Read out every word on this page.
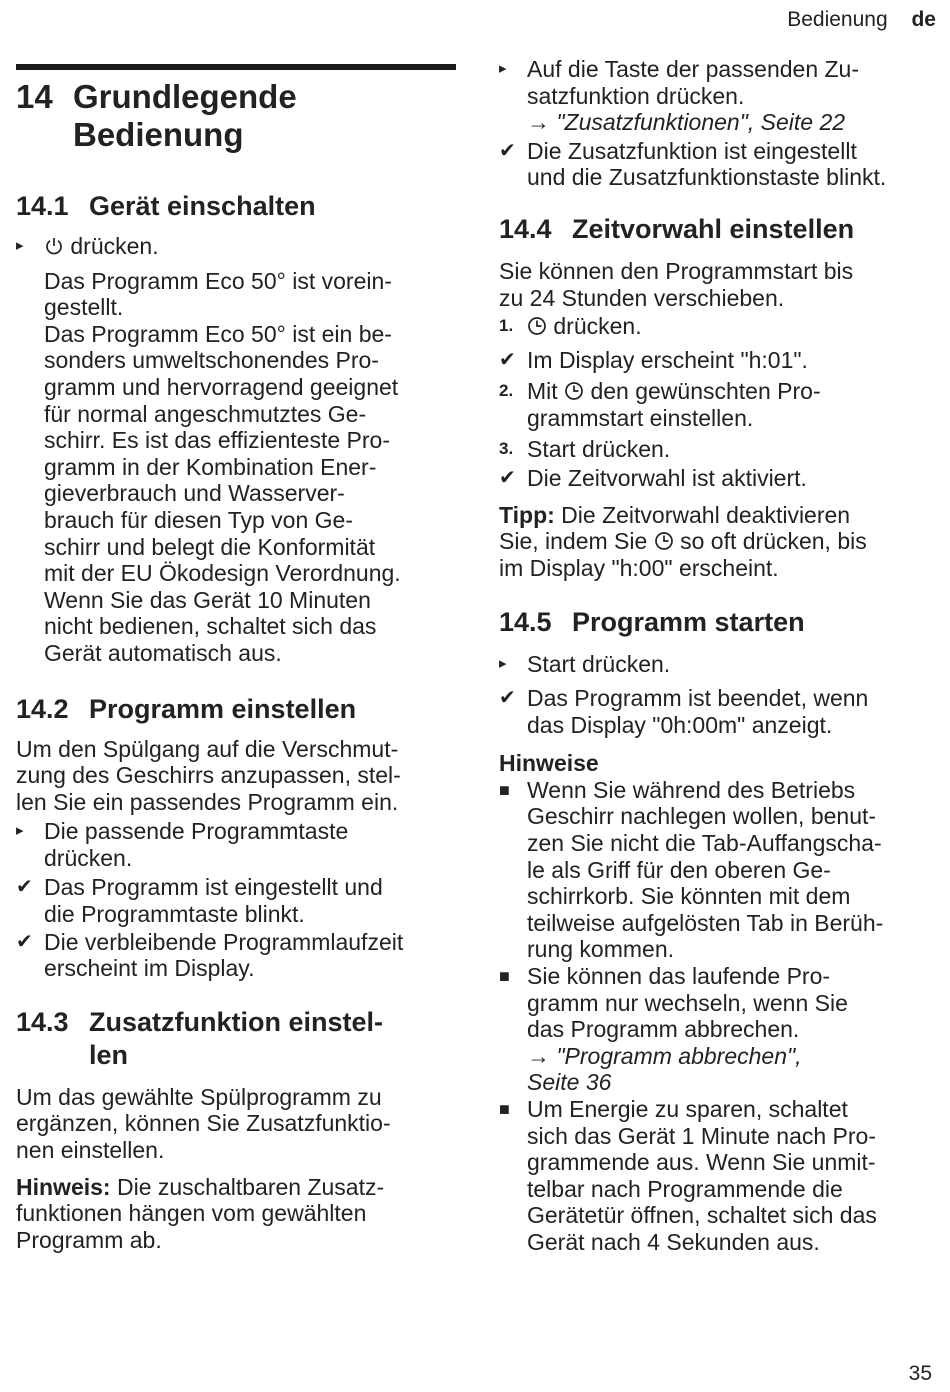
Bedienung de
14 Grundlegende
Bedienung
14.1 Gerät einschalten
▸	drücken.

Das Programm Eco 50° ist vorein-

gestellt.

Das Programm Eco 50° ist ein be-

sonders umweltschonendes Pro-

gramm und hervorragend geeignet

für normal angeschmutztes Ge-

schirr. Es ist das effizienteste Pro-

gramm in der Kombination Ener-

gieverbrauch und Wasserver-

brauch für diesen Typ von Ge-

schirr und belegt die Konformität

mit der EU Ökodesign Verordnung.

Wenn Sie das Gerät 10 Minuten

nicht bedienen, schaltet sich das

Gerät automatisch aus.

14.2 Programm einstellen

Um den Spülgang auf die Verschmut-

zung des Geschirrs anzupassen, stel-

len Sie ein passendes Programm ein.

▸ Die passende Programmtaste

drücken.

✔ Das Programm ist eingestellt und

die Programmtaste blinkt.

✔ Die verbleibende Programmlaufzeit

erscheint im Display.

14.3 Zusatzfunktion einstel-
len

Um das gewählte Spülprogramm zu

ergänzen, können Sie Zusatzfunktio-

nen einstellen.

Hinweis: Die zuschaltbaren Zusatz-

funktionen hängen vom gewählten

Programm ab.

▸ Auf die Taste der passenden Zu-

satzfunktion drücken.

→ "Zusatzfunktionen", Seite 22

✔ Die Zusatzfunktion ist eingestellt

und die Zusatzfunktionstaste blinkt.

14.4 Zeitvorwahl einstellen

Sie können den Programmstart bis

zu 24 Stunden verschieben.

1.	drücken.
✔ Im Display erscheint "h:01".
2. Mit
den gewünschten Pro-

grammstart einstellen.

3. Start drücken.
✔ Die Zeitvorwahl ist aktiviert.

Tipp: Die Zeitvorwahl deaktivieren

Sie, indem Sie
so oft drücken, bis

im Display "h:00" erscheint.

14.5 Programm starten
▸ Start drücken.
✔ Das Programm ist beendet, wenn

das Display "0h:00m" anzeigt.

Hinweise

■ Wenn Sie während des Betriebs

Geschirr nachlegen wollen, benut-

zen Sie nicht die Tab-Auffangscha-

le als Griff für den oberen Ge-

schirrkorb. Sie könnten mit dem

teilweise aufgelösten Tab in Berüh-

rung kommen.

■ Sie können das laufende Pro-

gramm nur wechseln, wenn Sie

das Programm abbrechen.

→ "Programm abbrechen",

Seite 36

■ Um Energie zu sparen, schaltet

sich das Gerät 1 Minute nach Pro-

grammende aus. Wenn Sie unmit-

telbar nach Programmende die

Gerätetür öffnen, schaltet sich das

Gerät nach 4 Sekunden aus.

35
